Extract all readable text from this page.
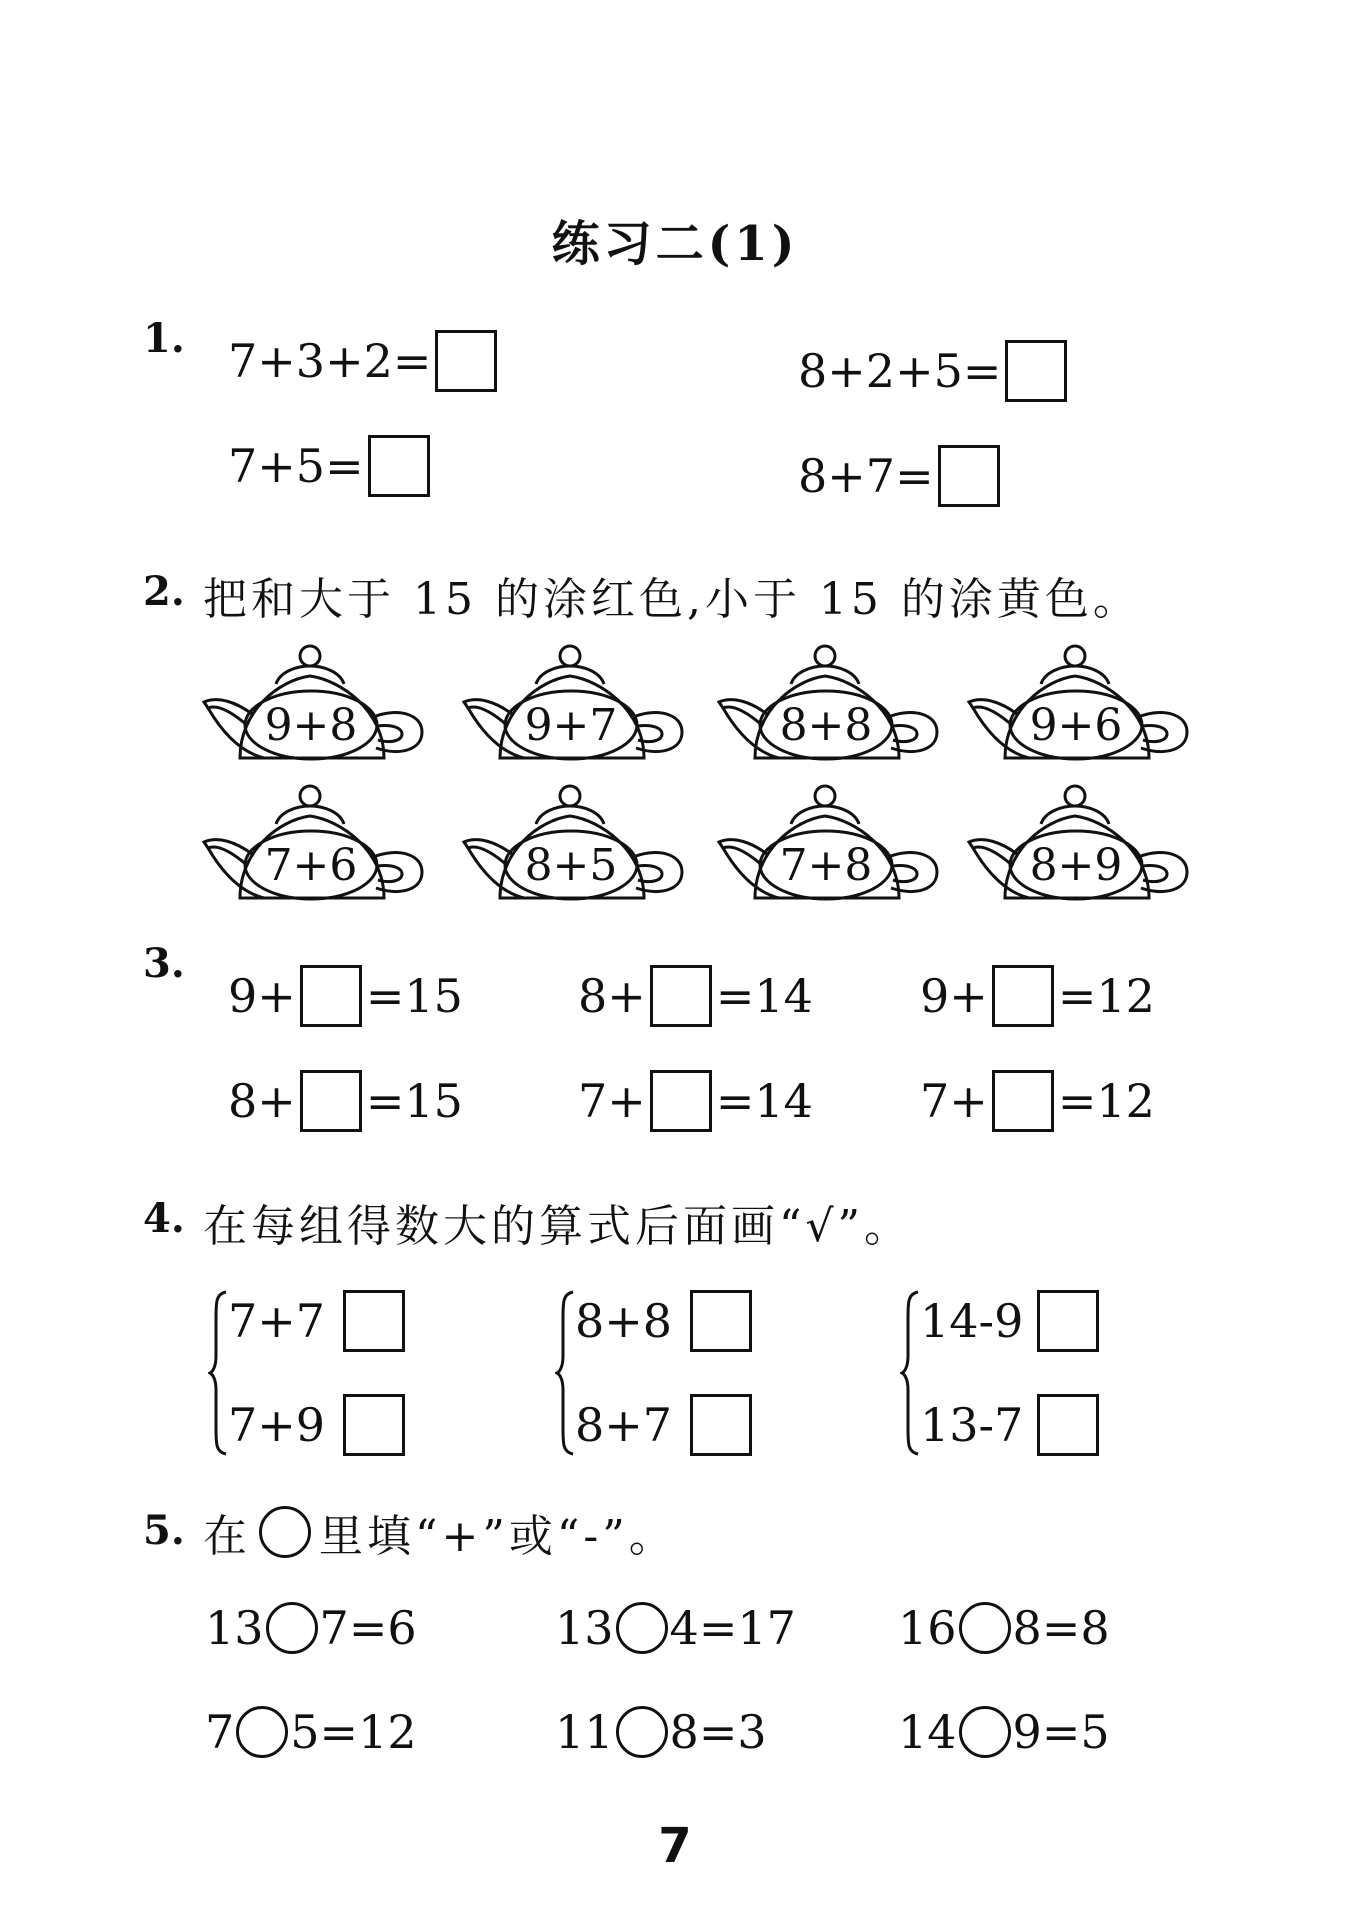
练习二(1)
1. 7+3+2=	8+2+5=
7+5=	8+7=
2. 把和大于 15 的涂红色,小于 15 的涂黄色。
9+8	9+7	8+8	9+6
7+6	8+5	7+8	8+9
3.
9+ =15	8+ =14 9+ =12
8+ =15	7+ =14 7+ =12
4. 在每组得数大的算式后面画“√”。
7+7
7+9
8+8
8+7
14-9
13-7
5. 在 里填“+”或“-”。
13 7=6	13 4=17 16 8=8
7 5=12	11 8=3	14 9=5
7
